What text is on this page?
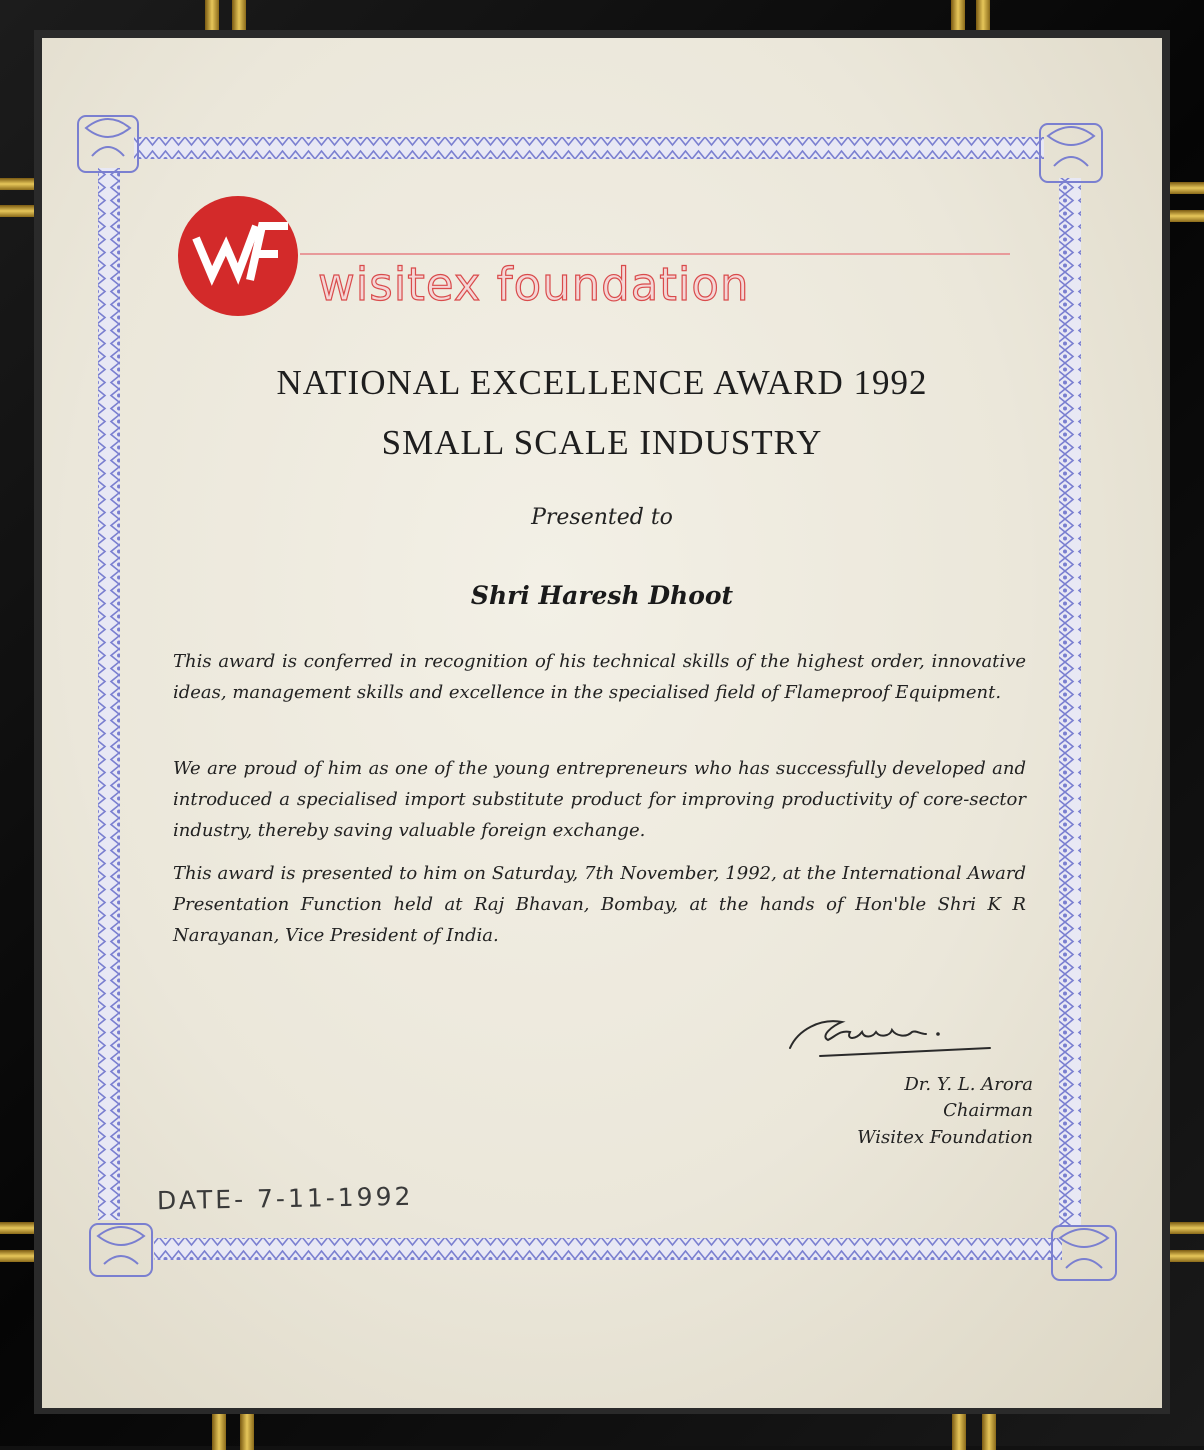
wisitex foundation
NATIONAL EXCELLENCE AWARD 1992
SMALL SCALE INDUSTRY
Presented to
Shri Haresh Dhoot
This award is conferred in recognition of his technical skills of the highest order, innovative ideas, management skills and excellence in the specialised field of Flameproof Equipment.
We are proud of him as one of the young entrepreneurs who has successfully developed and introduced a specialised import substitute product for improving productivity of core-sector industry, thereby saving valuable foreign exchange.
This award is presented to him on Saturday, 7th November, 1992, at the International Award Presentation Function held at Raj Bhavan, Bombay, at the hands of Hon'ble Shri K R Narayanan, Vice President of India.
Dr. Y. L. Arora
Chairman
Wisitex Foundation
DATE- 7-11-1992
